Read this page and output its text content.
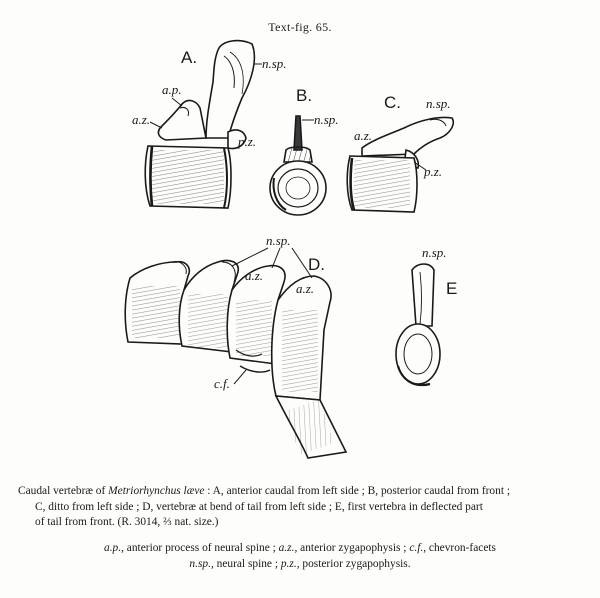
Text-fig. 65.
A.	n.sp.
a.p.
a.z.
p.z.
B.
n.sp.
C. n.sp.
a.z.
p.z.
n.sp.
D.
a.z.
a.z.
c.f.
n.sp.
E
Caudal vertebræ of Metriorhynchus læve : A, anterior caudal from left side ; B, posterior caudal from front ;
C, ditto from left side ; D, vertebræ at bend of tail from left side ; E, first vertebra in deflected part
of tail from front. (R. 3014, ⅔ nat. size.)
a.p., anterior process of neural spine ; a.z., anterior zygapophysis ; c.f., chevron-facets
n.sp., neural spine ; p.z., posterior zygapophysis.
